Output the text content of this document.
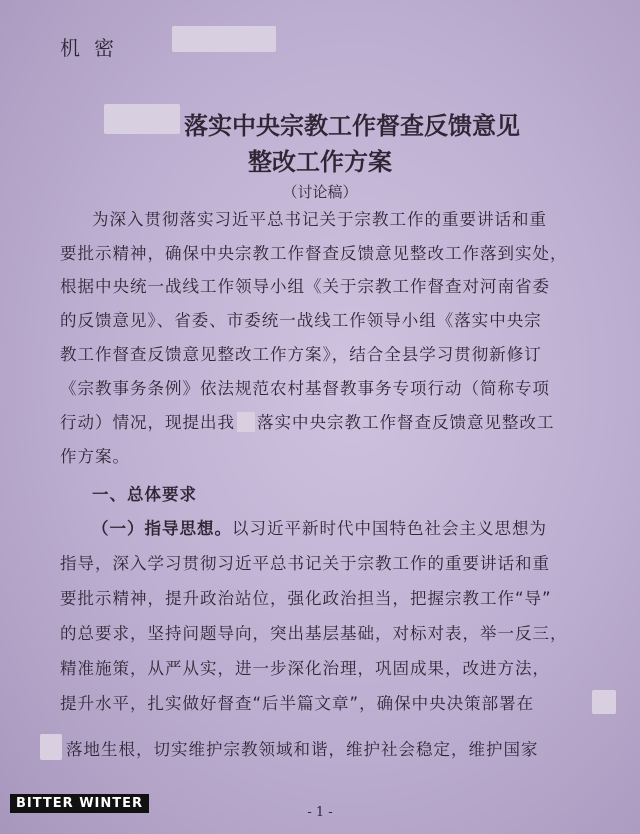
机密
落实中央宗教工作督查反馈意见
整改工作方案
（讨论稿）
为深入贯彻落实习近平总书记关于宗教工作的重要讲话和重
要批示精神，确保中央宗教工作督查反馈意见整改工作落到实处，
根据中央统一战线工作领导小组《关于宗教工作督查对河南省委
的反馈意见》、省委、市委统一战线工作领导小组《落实中央宗
教工作督查反馈意见整改工作方案》，结合全县学习贯彻新修订
《宗教事务条例》依法规范农村基督教事务专项行动（简称专项
行动）情况，现提出我 落实中央宗教工作督查反馈意见整改工
作方案。
一、总体要求
（一）指导思想。以习近平新时代中国特色社会主义思想为
指导，深入学习贯彻习近平总书记关于宗教工作的重要讲话和重
要批示精神，提升政治站位，强化政治担当，把握宗教工作“导”
的总要求，坚持问题导向，突出基层基础，对标对表，举一反三，
精准施策，从严从实，进一步深化治理，巩固成果，改进方法，
提升水平，扎实做好督查“后半篇文章”，确保中央决策部署在
落地生根，切实维护宗教领域和谐，维护社会稳定，维护国家
BITTER WINTER
- 1 -
